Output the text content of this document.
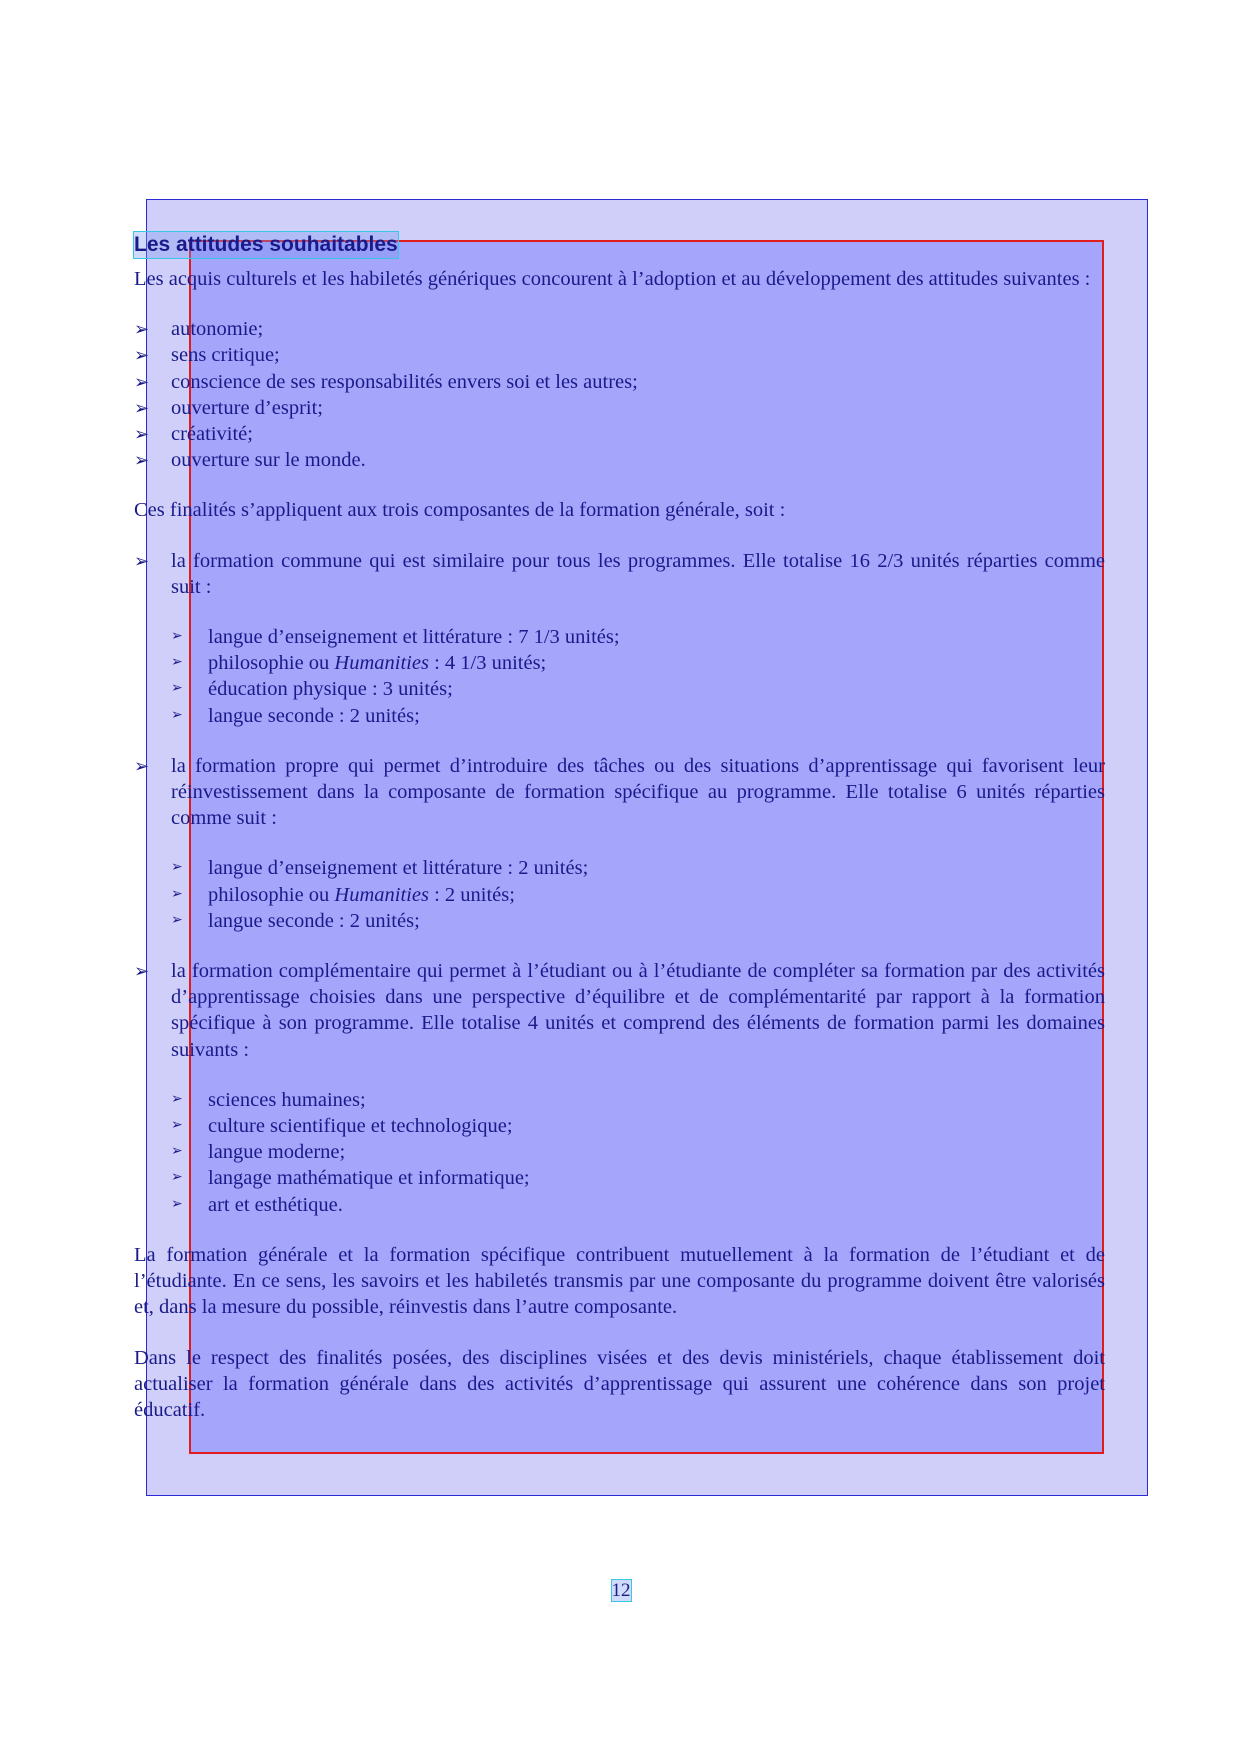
Les attitudes souhaitables

Les acquis culturels et les habiletés génériques concourent à l’adoption et au développement des attitudes suivantes :

➢ autonomie;
➢ sens critique;
➢ conscience de ses responsabilités envers soi et les autres;
➢ ouverture d’esprit;
➢ créativité;
➢ ouverture sur le monde.

Ces finalités s’appliquent aux trois composantes de la formation générale, soit :

➢ la formation commune qui est similaire pour tous les programmes. Elle totalise 16 2/3 unités réparties comme suit :
➢ langue d’enseignement et littérature : 7 1/3 unités;
➢ philosophie ou Humanities : 4 1/3 unités;
➢ éducation physique : 3 unités;
➢ langue seconde : 2 unités;
➢ la formation propre qui permet d’introduire des tâches ou des situations d’apprentissage qui favorisent leur réinvestissement dans la composante de formation spécifique au programme. Elle totalise 6 unités réparties comme suit :
➢ langue d’enseignement et littérature : 2 unités;
➢ philosophie ou Humanities : 2 unités;
➢ langue seconde : 2 unités;
➢ la formation complémentaire qui permet à l’étudiant ou à l’étudiante de compléter sa formation par des activités d’apprentissage choisies dans une perspective d’équilibre et de complémentarité par rapport à la formation spécifique à son programme. Elle totalise 4 unités et comprend des éléments de formation parmi les domaines suivants :
➢ sciences humaines;
➢ culture scientifique et technologique;
➢ langue moderne;
➢ langage mathématique et informatique;
➢ art et esthétique.

La formation générale et la formation spécifique contribuent mutuellement à la formation de l’étudiant et de l’étudiante. En ce sens, les savoirs et les habiletés transmis par une composante du programme doivent être valorisés et, dans la mesure du possible, réinvestis dans l’autre composante.

Dans le respect des finalités posées, des disciplines visées et des devis ministériels, chaque établissement doit actualiser la formation générale dans des activités d’apprentissage qui assurent une cohérence dans son projet éducatif.

12
